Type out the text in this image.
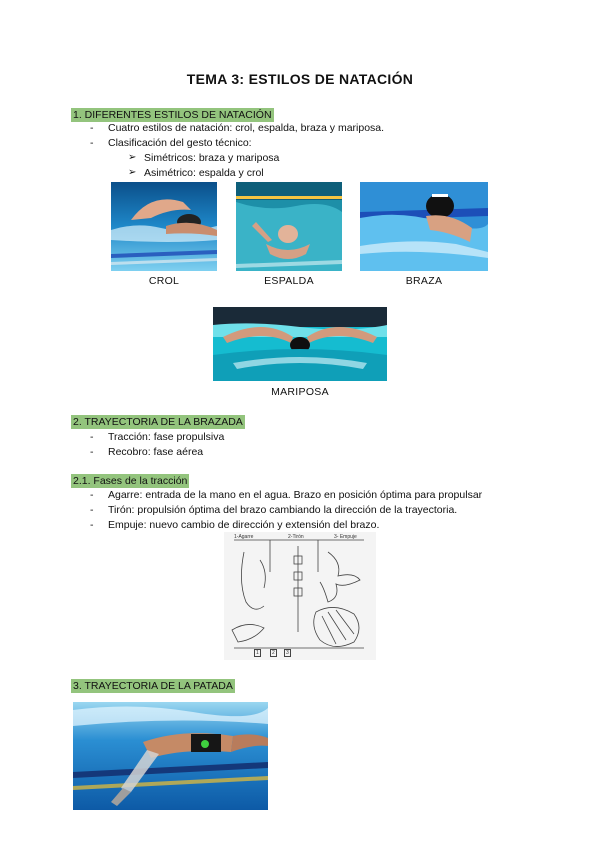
TEMA 3: ESTILOS DE NATACIÓN
1. DIFERENTES ESTILOS DE NATACIÓN
- Cuatro estilos de natación: crol, espalda, braza y mariposa.
- Clasificación del gesto técnico:
➢ Simétricos: braza y mariposa
➢ Asimétrico: espalda y crol
CROL	ESPALDA	BRAZA
MARIPOSA
2. TRAYECTORIA DE LA BRAZADA
- Tracción: fase propulsiva
- Recobro: fase aérea
2.1. Fases de la tracción
- Agarre: entrada de la mano en el agua. Brazo en posición óptima para propulsar
- Tirón: propulsión óptima del brazo cambiando la dirección de la trayectoria.
- Empuje: nuevo cambio de dirección y extensión del brazo.
1-Agarre	2-Tirón	3- Empuje
1	2	3
3. TRAYECTORIA DE LA PATADA
